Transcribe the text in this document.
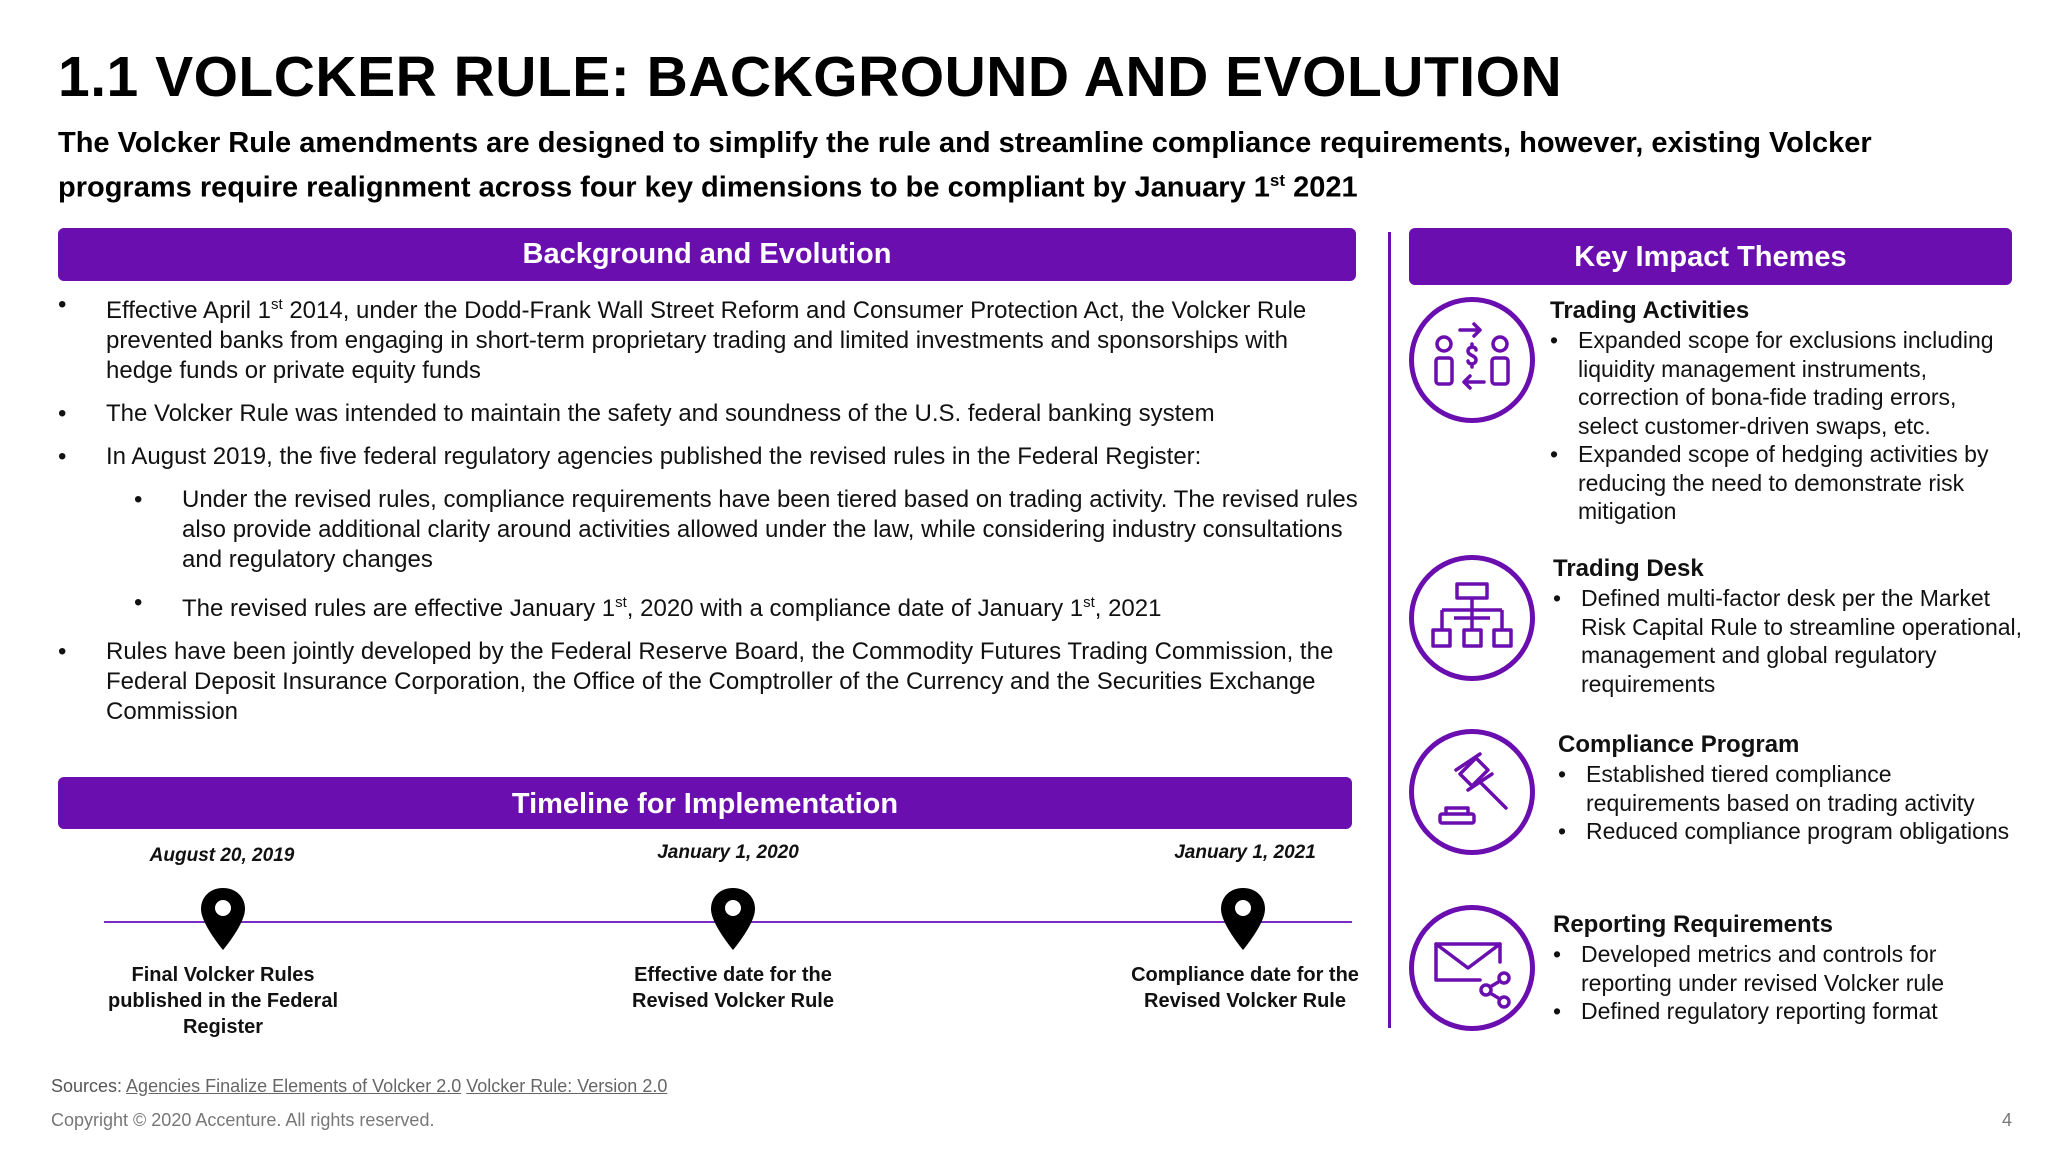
1.1 VOLCKER RULE: BACKGROUND AND EVOLUTION
The Volcker Rule amendments are designed to simplify the rule and streamline compliance requirements, however, existing Volcker programs require realignment across four key dimensions to be compliant by January 1st 2021
Background and Evolution
• Effective April 1st 2014, under the Dodd-Frank Wall Street Reform and Consumer Protection Act, the Volcker Rule prevented banks from engaging in short-term proprietary trading and limited investments and sponsorships with hedge funds or private equity funds
• The Volcker Rule was intended to maintain the safety and soundness of the U.S. federal banking system
• In August 2019, the five federal regulatory agencies published the revised rules in the Federal Register:
• Under the revised rules, compliance requirements have been tiered based on trading activity. The revised rules also provide additional clarity around activities allowed under the law, while considering industry consultations and regulatory changes
• The revised rules are effective January 1st, 2020 with a compliance date of January 1st, 2021
• Rules have been jointly developed by the Federal Reserve Board, the Commodity Futures Trading Commission, the Federal Deposit Insurance Corporation, the Office of the Comptroller of the Currency and the Securities Exchange Commission
Timeline for Implementation
August 20, 2019	January 1, 2020	January 1, 2021
Final Volcker Rules published in the Federal Register
Effective date for the Revised Volcker Rule
Compliance date for the Revised Volcker Rule
Key Impact Themes
Trading Activities
• Expanded scope for exclusions including liquidity management instruments, correction of bona-fide trading errors, select customer-driven swaps, etc.
• Expanded scope of hedging activities by reducing the need to demonstrate risk mitigation
Trading Desk
• Defined multi-factor desk per the Market Risk Capital Rule to streamline operational, management and global regulatory requirements
Compliance Program
• Established tiered compliance requirements based on trading activity
• Reduced compliance program obligations
Reporting Requirements
• Developed metrics and controls for reporting under revised Volcker rule
• Defined regulatory reporting format
Sources: Agencies Finalize Elements of Volcker 2.0 Volcker Rule: Version 2.0
Copyright © 2020 Accenture. All rights reserved.	4
